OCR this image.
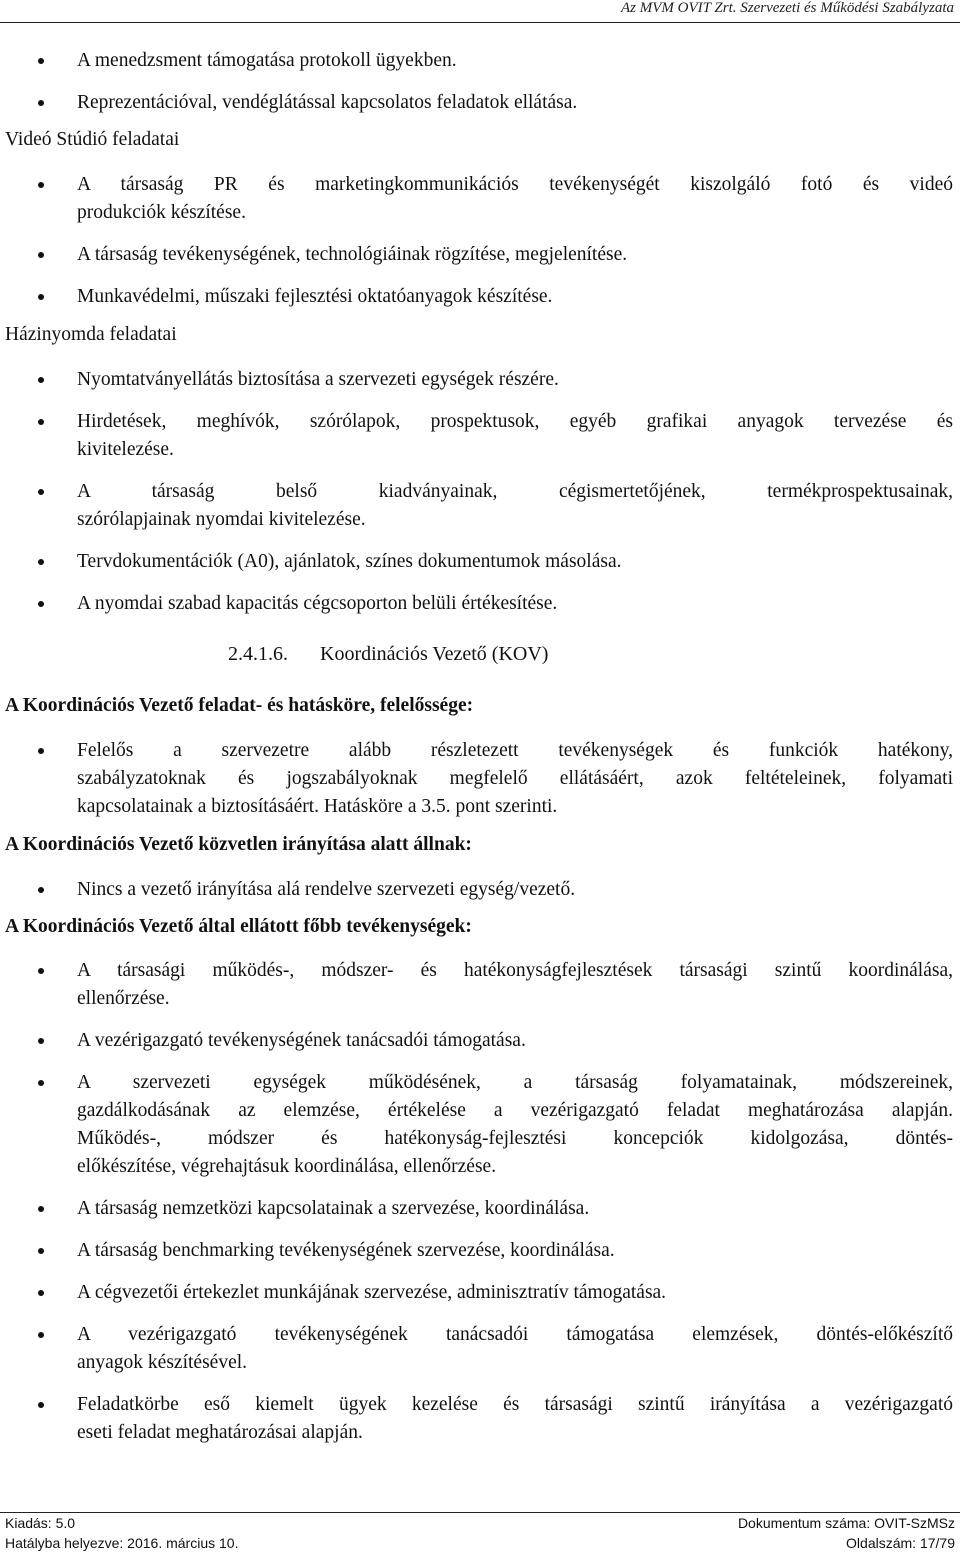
Az MVM OVIT Zrt. Szervezeti és Működési Szabályzata
A menedzsment támogatása protokoll ügyekben.
Reprezentációval, vendéglátással kapcsolatos feladatok ellátása.
Videó Stúdió feladatai
A társaság PR és marketingkommunikációs tevékenységét kiszolgáló fotó és videó
produkciók készítése.
A társaság tevékenységének, technológiáinak rögzítése, megjelenítése.
Munkavédelmi, műszaki fejlesztési oktatóanyagok készítése.
Házinyomda feladatai
Nyomtatványellátás biztosítása a szervezeti egységek részére.
Hirdetések, meghívók, szórólapok, prospektusok, egyéb grafikai anyagok tervezése és
kivitelezése.
A társaság belső kiadványainak, cégismertetőjének, termékprospektusainak,
szórólapjainak nyomdai kivitelezése.
Tervdokumentációk (A0), ajánlatok, színes dokumentumok másolása.
A nyomdai szabad kapacitás cégcsoporton belüli értékesítése.
2.4.1.6. Koordinációs Vezető (KOV)
A Koordinációs Vezető feladat- és hatásköre, felelőssége:
Felelős a szervezetre alább részletezett tevékenységek és funkciók hatékony,
szabályzatoknak és jogszabályoknak megfelelő ellátásáért, azok feltételeinek, folyamati
kapcsolatainak a biztosításáért. Hatásköre a 3.5. pont szerinti.
A Koordinációs Vezető közvetlen irányítása alatt állnak:
Nincs a vezető irányítása alá rendelve szervezeti egység/vezető.
A Koordinációs Vezető által ellátott főbb tevékenységek:
A társasági működés-, módszer- és hatékonyságfejlesztések társasági szintű koordinálása,
ellenőrzése.
A vezérigazgató tevékenységének tanácsadói támogatása.
A szervezeti egységek működésének, a társaság folyamatainak, módszereinek,
gazdálkodásának az elemzése, értékelése a vezérigazgató feladat meghatározása alapján.
Működés-, módszer és hatékonyság-fejlesztési koncepciók kidolgozása, döntés-
előkészítése, végrehajtásuk koordinálása, ellenőrzése.
A társaság nemzetközi kapcsolatainak a szervezése, koordinálása.
A társaság benchmarking tevékenységének szervezése, koordinálása.
A cégvezetői értekezlet munkájának szervezése, adminisztratív támogatása.
A vezérigazgató tevékenységének tanácsadói támogatása elemzések, döntés-előkészítő
anyagok készítésével.
Feladatkörbe eső kiemelt ügyek kezelése és társasági szintű irányítása a vezérigazgató
eseti feladat meghatározásai alapján.
Kiadás: 5.0
Hatályba helyezve: 2016. március 10.
Dokumentum száma: OVIT-SzMSz
Oldalszám: 17/79
